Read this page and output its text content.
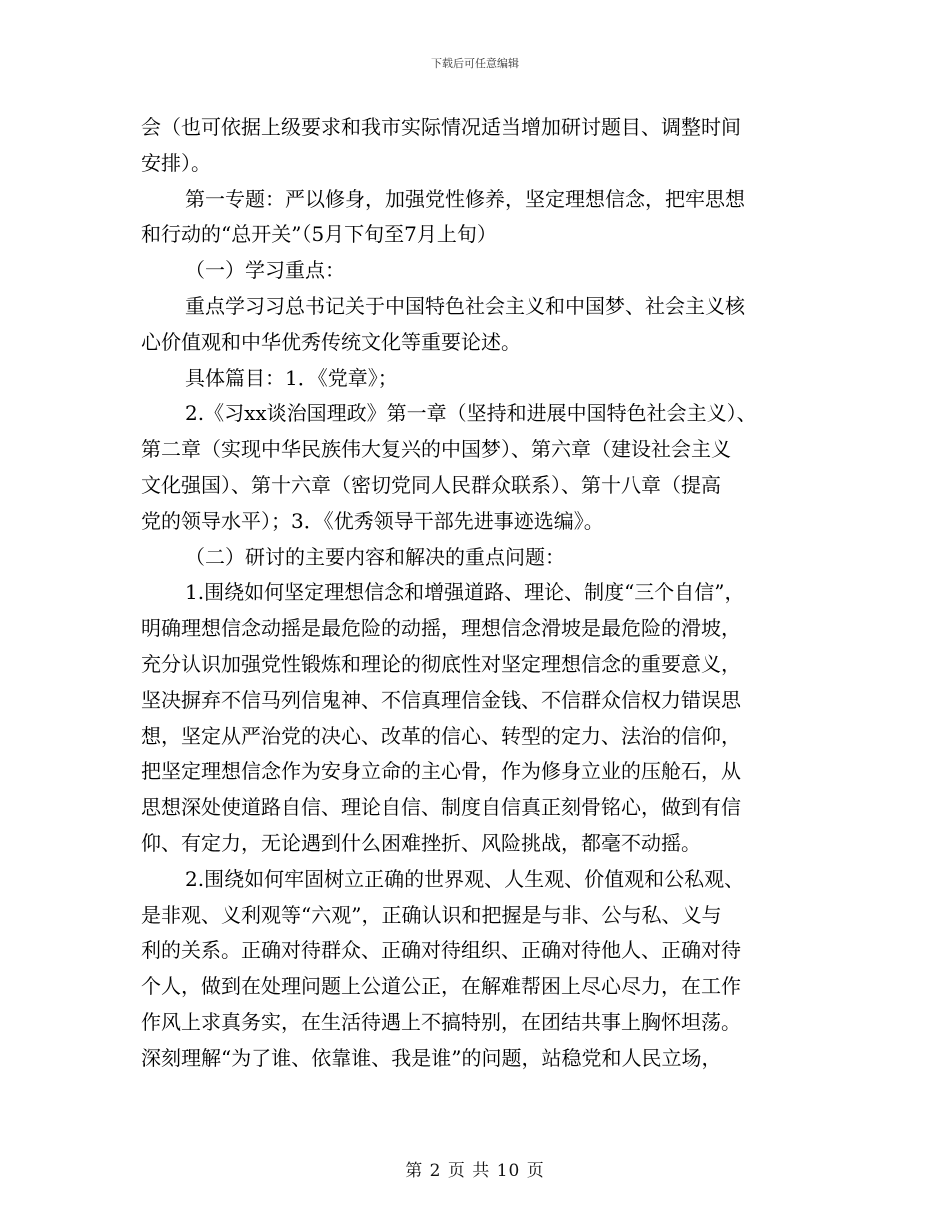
下载后可任意编辑
会（也可依据上级要求和我市实际情况适当增加研讨题目、调整时间
安排）。
第一专题：严以修身，加强党性修养，坚定理想信念，把牢思想
和行动的“总开关”（5月下旬至7月上旬）
（一）学习重点：
重点学习习总书记关于中国特色社会主义和中国梦、社会主义核
心价值观和中华优秀传统文化等重要论述。
具体篇目：1．《党章》；
2.《习xx谈治国理政》第一章（坚持和进展中国特色社会主义）、
第二章（实现中华民族伟大复兴的中国梦）、第六章（建设社会主义
文化强国）、第十六章（密切党同人民群众联系）、第十八章（提高
党的领导水平）；3．《优秀领导干部先进事迹选编》。
（二）研讨的主要内容和解决的重点问题：
1.围绕如何坚定理想信念和增强道路、理论、制度“三个自信”，
明确理想信念动摇是最危险的动摇，理想信念滑坡是最危险的滑坡，
充分认识加强党性锻炼和理论的彻底性对坚定理想信念的重要意义，
坚决摒弃不信马列信鬼神、不信真理信金钱、不信群众信权力错误思
想，坚定从严治党的决心、改革的信心、转型的定力、法治的信仰，
把坚定理想信念作为安身立命的主心骨，作为修身立业的压舱石，从
思想深处使道路自信、理论自信、制度自信真正刻骨铭心，做到有信
仰、有定力，无论遇到什么困难挫折、风险挑战，都毫不动摇。
2.围绕如何牢固树立正确的世界观、人生观、价值观和公私观、
是非观、义利观等“六观”，正确认识和把握是与非、公与私、义与
利的关系。正确对待群众、正确对待组织、正确对待他人、正确对待
个人，做到在处理问题上公道公正，在解难帮困上尽心尽力，在工作
作风上求真务实，在生活待遇上不搞特别，在团结共事上胸怀坦荡。
深刻理解“为了谁、依靠谁、我是谁”的问题，站稳党和人民立场，
第 2 页 共 10 页
